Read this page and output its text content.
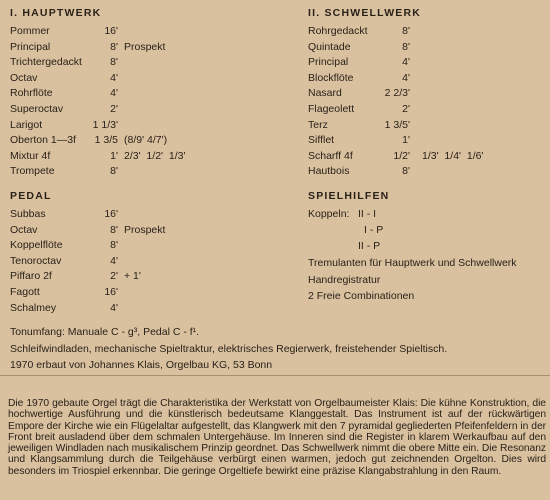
I. HAUPTWERK
Pommer	16'
Principal	8' Prospekt
Trichtergedackt	8'
Octav	4'
Rohrflöte	4'
Superoctav	2'
Larigot	1 1/3'
Oberton 1—3f 1 3/5 (8/9' 4/7')
Mixtur 4f	1' 2/3'  1/2'  1/3'
Trompete	8'
II. SCHWELLWERK
Rohrgedackt	8'
Quintade	8'
Principal	4'
Blockflöte	4'
Nasard	2 2/3'
Flageolett	2'
Terz	1 3/5'
Sifflet	1'
Scharff 4f	1/2' 1/3'  1/4'  1/6'
Hautbois	8'
PEDAL
Subbas	16'
Octav	8' Prospekt
Koppelflöte	8'
Tenoroctav	4'
Piffaro 2f	2' + 1'
Fagott	16'
Schalmey	4'
SPIELHILFEN
Koppeln: II - I
I - P
II - P
Tremulanten für Hauptwerk und Schwellwerk
Handregistratur
2 Freie Combinationen
Tonumfang: Manuale C - g³, Pedal C - f¹.
Schleifwindladen, mechanische Spieltraktur, elektrisches Regierwerk, freistehender Spieltisch.
1970 erbaut von Johannes Klais, Orgelbau KG, 53 Bonn
Die 1970 gebaute Orgel trägt die Charakteristika der Werkstatt von Orgelbaumeister Klais: Die kühne Konstruktion, die hochwertige Ausführung und die künstlerisch bedeutsame Klanggestalt. Das Instrument ist auf der rückwärtigen Empore der Kirche wie ein Flügelaltar aufgestellt, das Klangwerk mit den 7 pyramidal gegliederten Pfeifenfeldern in der Front breit ausladend über dem schmalen Untergehäuse. Im Inneren sind die Register in klarem Werkaufbau auf den jeweiligen Windladen nach musikalischem Prinzip geordnet. Das Schwellwerk nimmt die obere Mitte ein. Die Resonanz und Klangsammlung durch die Teilgehäuse verbürgt einen warmen, jedoch gut zeichnenden Orgelton. Dies wird besonders im Triospiel erkennbar. Die geringe Orgeltiefe bewirkt eine präzise Klangabstrahlung in den Raum.
